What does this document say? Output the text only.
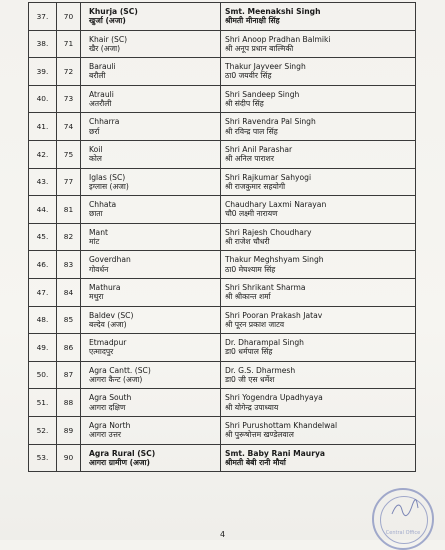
37.	70	Khurja (SC)
खुर्जा (अजा)	Smt. Meenakshi Singh
श्रीमती मीनाक्षी सिंह

38.	71	Khair (SC)
खैर (अजा)	Shri Anoop Pradhan Balmiki
श्री अनूप प्रधान बाल्मिकी

39.	72	Barauli
बरौली	Thakur Jayveer Singh
ठा0 जयवीर सिंह

40.	73	Atrauli
अतरौली	Shri Sandeep Singh
श्री संदीप सिंह

41.	74	Chharra
छर्रा	Shri Ravendra Pal Singh
श्री रविन्द्र पाल सिंह

42.	75	Koil
कोल	Shri Anil Parashar
श्री अनिल पाराशर

43.	77	Iglas (SC)
इग्लास (अजा)	Shri Rajkumar Sahyogi
श्री राजकुमार सहयोगी

44.	81	Chhata
छाता	Chaudhary Laxmi Narayan
चौ0 लक्ष्मी नारायण

45.	82	Mant
मांट	Shri Rajesh Choudhary
श्री राजेश चौधरी

46.	83	Goverdhan
गोवर्धन	Thakur Meghshyam Singh
ठा0 मेघश्याम सिंह

47.	84	Mathura
मथुरा	Shri Shrikant Sharma
श्री श्रीकान्त शर्मा

48.	85	Baldev (SC)
बल्देव (अजा)	Shri Pooran Prakash Jatav
श्री पूरन प्रकाश जाटव

49.	86	Etmadpur
एत्मादपुर	Dr. Dharampal Singh
डा0 धर्मपाल सिंह

50.	87	Agra Cantt. (SC)
आगरा कैन्ट (अजा)	Dr. G.S. Dharmesh
डा0 जी एस धर्मेश

51.	88	Agra South
आगरा दक्षिण	Shri Yogendra Upadhyaya
श्री योगेन्द्र उपाध्याय

52.	89	Agra North
आगरा उत्तर	Shri Purushottam Khandelwal
श्री पुरूषोत्तम खण्डेलवाल

53.	90	Agra Rural (SC)
आगरा ग्रामीण (अजा)	Smt. Baby Rani Maurya
श्रीमती बेबी रानी मौर्या
4	Central Office
